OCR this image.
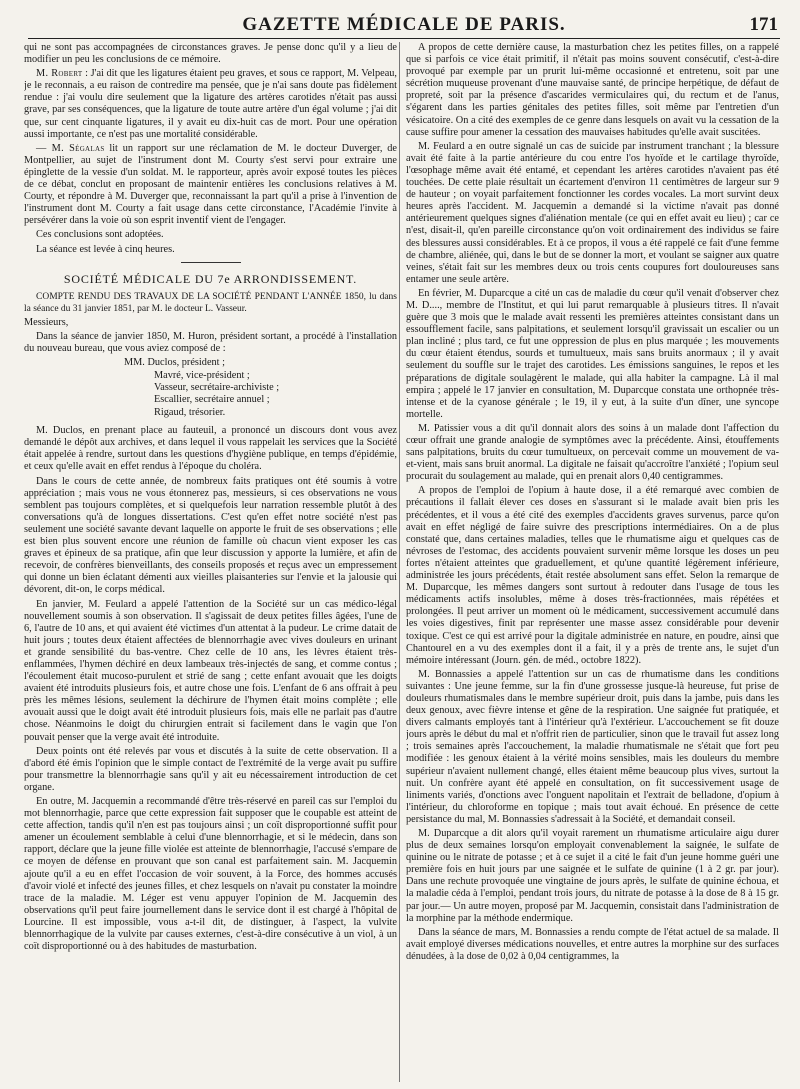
GAZETTE MÉDICALE DE PARIS.	171

qui ne sont pas accompagnées de circonstances graves. Je pense donc qu'il y a lieu de modifier un peu les conclusions de ce mémoire.

M. Robert : J'ai dit que les ligatures étaient peu graves, et sous ce rapport, M. Velpeau, je le reconnais, a eu raison de contredire ma pensée, que je n'ai sans doute pas fidèlement rendue : j'ai voulu dire seulement que la ligature des artères carotides n'était pas aussi grave, par ses conséquences, que la ligature de toute autre artère d'un égal volume ; j'ai dit que, sur cent cinquante ligatures, il y avait eu dix-huit cas de mort. Pour une opération aussi importante, ce n'est pas une mortalité considérable.

— M. Ségalas lit un rapport sur une réclamation de M. le docteur Duverger, de Montpellier, au sujet de l'instrument dont M. Courty s'est servi pour extraire une épinglette de la vessie d'un soldat. M. le rapporteur, après avoir exposé toutes les pièces de ce débat, conclut en proposant de maintenir entières les conclusions relatives à M. Courty, et répondre à M. Duverger que, reconnaissant la part qu'il a prise à l'invention de l'instrument dont M. Courty a fait usage dans cette circonstance, l'Académie l'invite à persévérer dans la voie où son esprit inventif vient de l'engager.

Ces conclusions sont adoptées.

La séance est levée à cinq heures.

SOCIÉTÉ MÉDICALE DU 7e ARRONDISSEMENT.

COMPTE RENDU DES TRAVAUX DE LA SOCIÉTÉ PENDANT L'ANNÉE 1850, lu dans la séance du 31 janvier 1851, par M. le docteur L. Vasseur.

Messieurs,

Dans la séance de janvier 1850, M. Huron, président sortant, a procédé à l'installation du nouveau bureau, que vous aviez composé de :

MM. Duclos, président ;
Mavré, vice-président ;
Vasseur, secrétaire-archiviste ;
Escallier, secrétaire annuel ;
Rigaud, trésorier.

M. Duclos, en prenant place au fauteuil, a prononcé un discours dont vous avez demandé le dépôt aux archives, et dans lequel il vous rappelait les services que la Société était appelée à rendre, surtout dans les questions d'hygiène publique, en temps d'épidémie, et ceux qu'elle avait en effet rendus à l'époque du choléra.

Dans le cours de cette année, de nombreux faits pratiques ont été soumis à votre appréciation ; mais vous ne vous étonnerez pas, messieurs, si ces observations ne vous semblent pas toujours complètes, et si quelquefois leur narration ressemble plutôt à des conversations qu'à de longues dissertations. C'est qu'en effet notre société n'est pas seulement une société savante devant laquelle on apporte le fruit de ses observations ; elle est bien plus souvent encore une réunion de famille où chacun vient exposer les cas graves et épineux de sa pratique, afin que leur discussion y apporte la lumière, et afin de recevoir, de confrères bienveillants, des conseils proposés et reçus avec un empressement qui donne un bien éclatant démenti aux vieilles plaisanteries sur l'envie et la jalousie qui dévorent, dit-on, le corps médical.

En janvier, M. Feulard a appelé l'attention de la Société sur un cas médico-légal nouvellement soumis à son observation. Il s'agissait de deux petites filles âgées, l'une de 6, l'autre de 10 ans, et qui avaient été victimes d'un attentat à la pudeur. Le crime datait de huit jours ; toutes deux étaient affectées de blennorrhagie avec vives douleurs en urinant et grande sensibilité du bas-ventre. Chez celle de 10 ans, les lèvres étaient très-enflammées, l'hymen déchiré en deux lambeaux très-injectés de sang, et comme contus ; l'écoulement était mucoso-purulent et strié de sang ; cette enfant avouait que les doigts avaient été introduits plusieurs fois, et autre chose une fois. L'enfant de 6 ans offrait à peu près les mêmes lésions, seulement la déchirure de l'hymen était moins complète ; elle avouait aussi que le doigt avait été introduit plusieurs fois, mais elle ne parlait pas d'autre chose. Néanmoins le doigt du chirurgien entrait si facilement dans le vagin que l'on pouvait penser que la verge avait été introduite.

Deux points ont été relevés par vous et discutés à la suite de cette observation. Il a d'abord été émis l'opinion que le simple contact de l'extrémité de la verge avait pu suffire pour transmettre la blennorrhagie sans qu'il y ait eu nécessairement introduction de cet organe.

En outre, M. Jacquemin a recommandé d'être très-réservé en pareil cas sur l'emploi du mot blennorrhagie, parce que cette expression fait supposer que le coupable est atteint de cette affection, tandis qu'il n'en est pas toujours ainsi ; un coït disproportionné suffit pour amener un écoulement semblable à celui d'une blennorrhagie, et si le médecin, dans son rapport, déclare que la jeune fille violée est atteinte de blennorrhagie, l'accusé s'empare de ce moyen de défense en prouvant que son canal est parfaitement sain. M. Jacquemin ajoute qu'il a eu en effet l'occasion de voir souvent, à la Force, des hommes accusés d'avoir violé et infecté des jeunes filles, et chez lesquels on n'avait pu constater la moindre trace de la maladie. M. Léger est venu appuyer l'opinion de M. Jacquemin des observations qu'il peut faire journellement dans le service dont il est chargé à l'hôpital de Lourcine. Il est impossible, vous a-t-il dit, de distinguer, à l'aspect, la vulvite blennorrhagique de la vulvite par causes externes, c'est-à-dire consécutive à un viol, à un coït disproportionné ou à des habitudes de masturbation.

A propos de cette dernière cause, la masturbation chez les petites filles, on a rappelé que si parfois ce vice était primitif, il n'était pas moins souvent consécutif, c'est-à-dire provoqué par exemple par un prurit lui-même occasionné et entretenu, soit par une sécrétion muqueuse provenant d'une mauvaise santé, de principe herpétique, de défaut de propreté, soit par la présence d'ascarides vermiculaires qui, du rectum et de l'anus, s'égarent dans les parties génitales des petites filles, soit même par l'entretien d'un vésicatoire. On a cité des exemples de ce genre dans lesquels on avait vu la cessation de la cause suffire pour amener la cessation des mauvaises habitudes qu'elle avait suscitées.

M. Feulard a en outre signalé un cas de suicide par instrument tranchant ; la blessure avait été faite à la partie antérieure du cou entre l'os hyoïde et le cartilage thyroïde, l'œsophage même avait été entamé, et cependant les artères carotides n'avaient pas été touchées. De cette plaie résultait un écartement d'environ 11 centimètres de largeur sur 9 de hauteur ; on voyait parfaitement fonctionner les cordes vocales. La mort survint deux heures après l'accident. M. Jacquemin a demandé si la victime n'avait pas donné antérieurement quelques signes d'aliénation mentale (ce qui en effet avait eu lieu) ; car ce n'est, disait-il, qu'en pareille circonstance qu'on voit ordinairement des individus se faire des blessures aussi considérables. Et à ce propos, il vous a été rappelé ce fait d'une femme de chambre, aliénée, qui, dans le but de se donner la mort, et voulant se saigner aux quatre veines, s'était fait sur les membres deux ou trois cents coupures fort douloureuses sans entamer une seule artère.

En février, M. Duparcque a cité un cas de maladie du cœur qu'il venait d'observer chez M. D...., membre de l'Institut, et qui lui parut remarquable à plusieurs titres. Il n'avait guère que 3 mois que le malade avait ressenti les premières atteintes consistant dans un essoufflement facile, sans palpitations, et seulement lorsqu'il gravissait un escalier ou un plan incliné ; plus tard, ce fut une oppression de plus en plus marquée ; les mouvements du cœur étaient étendus, sourds et tumultueux, mais sans bruits anormaux ; il y avait seulement du souffle sur le trajet des carotides. Les émissions sanguines, le repos et les préparations de digitale soulagèrent le malade, qui alla habiter la campagne. Là il mal empira ; appelé le 17 janvier en consultation, M. Duparcque constata une orthopnée très-intense et de la cyanose générale ; le 19, il y eut, à la suite d'un dîner, une syncope mortelle.

M. Patissier vous a dit qu'il donnait alors des soins à un malade dont l'affection du cœur offrait une grande analogie de symptômes avec la précédente. Ainsi, étouffements sans palpitations, bruits du cœur tumultueux, on percevait comme un mouvement de va-et-vient, mais sans bruit anormal. La digitale ne faisait qu'accroître l'anxiété ; l'opium seul procurait du soulagement au malade, qui en prenait alors 0,40 centigrammes.

A propos de l'emploi de l'opium à haute dose, il a été remarqué avec combien de précautions il fallait élever ces doses en s'assurant si le malade avait bien pris les précédentes, et il vous a été cité des exemples d'accidents graves survenus, parce qu'on avait en effet négligé de faire suivre des prescriptions intermédiaires. On a de plus constaté que, dans certaines maladies, telles que le rhumatisme aigu et quelques cas de névroses de l'estomac, des accidents pouvaient survenir même lorsque les doses un peu fortes n'étaient atteintes que graduellement, et qu'une quantité légèrement inférieure, administrée les jours précédents, était restée absolument sans effet. Selon la remarque de M. Duparcque, les mêmes dangers sont surtout à redouter dans l'usage de tous les médicaments actifs insolubles, même à doses très-fractionnées, mais répétées et prolongées. Il peut arriver un moment où le médicament, successivement accumulé dans les voies digestives, finit par représenter une masse assez considérable pour devenir toxique. C'est ce qui est arrivé pour la digitale administrée en nature, en poudre, ainsi que Chantourel en a vu des exemples dont il a fait, il y a près de trente ans, le sujet d'un mémoire intéressant (Journ. gén. de méd., octobre 1822).

M. Bonnassies a appelé l'attention sur un cas de rhumatisme dans les conditions suivantes : Une jeune femme, sur la fin d'une grossesse jusque-là heureuse, fut prise de douleurs rhumatismales dans le membre supérieur droit, puis dans la jambe, puis dans les deux genoux, avec fièvre intense et gêne de la respiration. Une saignée fut pratiquée, et divers calmants employés tant à l'intérieur qu'à l'extérieur. L'accouchement se fit douze jours après le début du mal et n'offrit rien de particulier, sinon que le travail fut assez long ; trois semaines après l'accouchement, la maladie rhumatismale ne s'était que fort peu modifiée : les genoux étaient à la vérité moins sensibles, mais les douleurs du membre supérieur n'avaient nullement changé, elles étaient même beaucoup plus vives, surtout la nuit. Un confrère ayant été appelé en consultation, on fit successivement usage de liniments variés, d'onctions avec l'onguent napolitain et l'extrait de belladone, d'opium à l'intérieur, du chloroforme en topique ; mais tout avait échoué. En présence de cette persistance du mal, M. Bonnassies s'adressait à la Société, et demandait conseil.

M. Duparcque a dit alors qu'il voyait rarement un rhumatisme articulaire aigu durer plus de deux semaines lorsqu'on employait convenablement la saignée, le sulfate de quinine ou le nitrate de potasse ; et à ce sujet il a cité le fait d'un jeune homme guéri une première fois en huit jours par une saignée et le sulfate de quinine (1 à 2 gr. par jour). Dans une rechute provoquée une vingtaine de jours après, le sulfate de quinine échoua, et la maladie céda à l'emploi, pendant trois jours, du nitrate de potasse à la dose de 8 à 15 gr. par jour.— Un autre moyen, proposé par M. Jacquemin, consistait dans l'administration de la morphine par la méthode endermique.

Dans la séance de mars, M. Bonnassies a rendu compte de l'état actuel de sa malade. Il avait employé diverses médications nouvelles, et entre autres la morphine sur des surfaces dénudées, à la dose de 0,02 à 0,04 centigrammes, la
